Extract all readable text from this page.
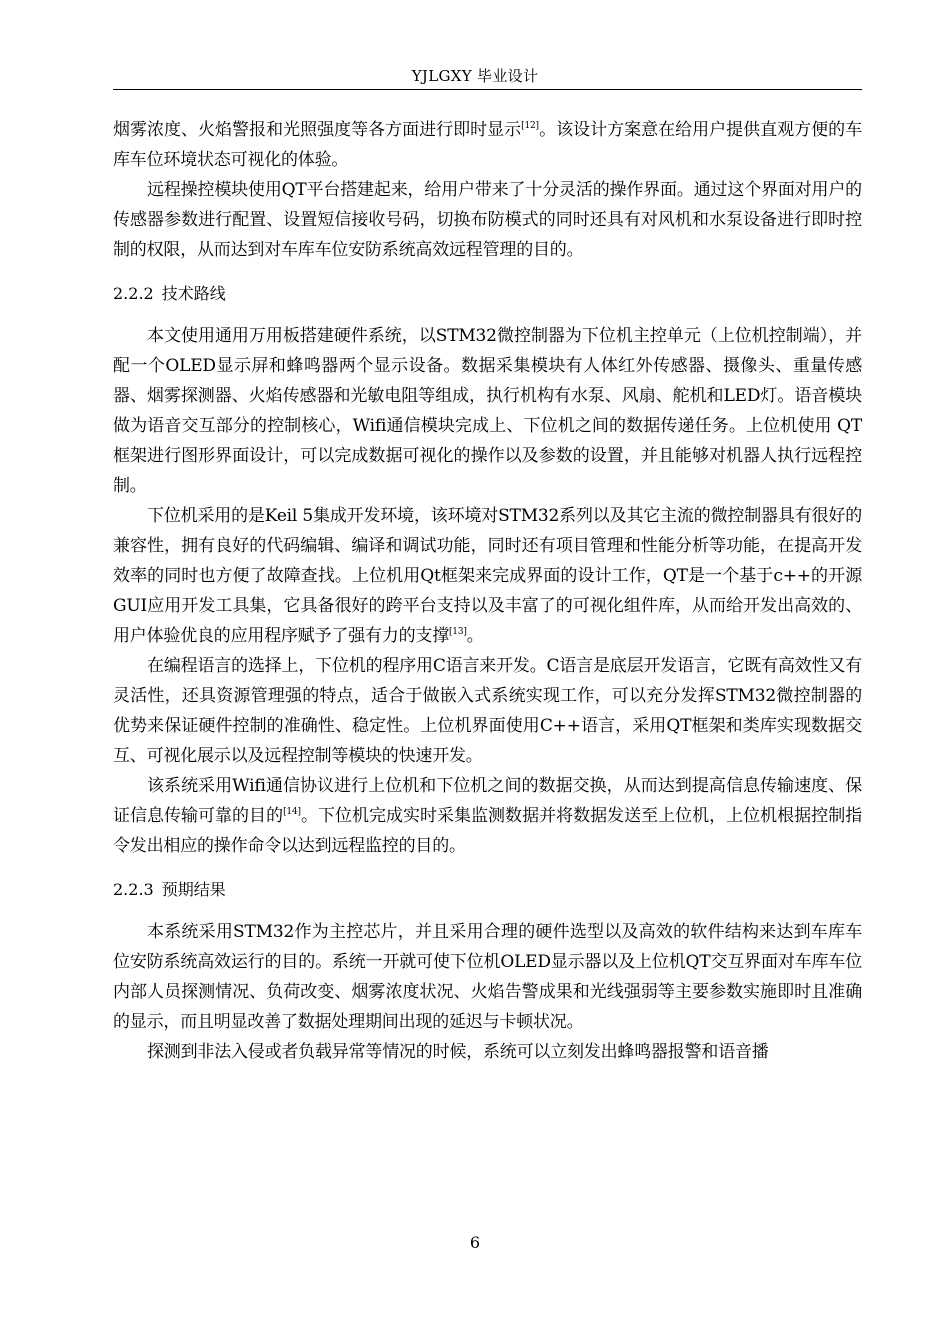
YJLGXY 毕业设计

烟雾浓度、火焰警报和光照强度等各方面进行即时显示[12]。该设计方案意在给用户提供直观方便的车库车位环境状态可视化的体验。

远程操控模块使用QT平台搭建起来，给用户带来了十分灵活的操作界面。通过这个界面对用户的传感器参数进行配置、设置短信接收号码，切换布防模式的同时还具有对风机和水泵设备进行即时控制的权限，从而达到对车库车位安防系统高效远程管理的目的。

2.2.2 技术路线

本文使用通用万用板搭建硬件系统，以STM32微控制器为下位机主控单元（上位机控制端），并配一个OLED显示屏和蜂鸣器两个显示设备。数据采集模块有人体红外传感器、摄像头、重量传感器、烟雾探测器、火焰传感器和光敏电阻等组成，执行机构有水泵、风扇、舵机和LED灯。语音模块做为语音交互部分的控制核心，Wifi通信模块完成上、下位机之间的数据传递任务。上位机使用 QT 框架进行图形界面设计，可以完成数据可视化的操作以及参数的设置，并且能够对机器人执行远程控制。

下位机采用的是Keil 5集成开发环境，该环境对STM32系列以及其它主流的微控制器具有很好的兼容性，拥有良好的代码编辑、编译和调试功能，同时还有项目管理和性能分析等功能，在提高开发效率的同时也方便了故障查找。上位机用Qt框架来完成界面的设计工作，QT是一个基于c++的开源GUI应用开发工具集，它具备很好的跨平台支持以及丰富了的可视化组件库，从而给开发出高效的、用户体验优良的应用程序赋予了强有力的支撑[13]。

在编程语言的选择上，下位机的程序用C语言来开发。C语言是底层开发语言，它既有高效性又有灵活性，还具资源管理强的特点，适合于做嵌入式系统实现工作，可以充分发挥STM32微控制器的优势来保证硬件控制的准确性、稳定性。上位机界面使用C++语言，采用QT框架和类库实现数据交互、可视化展示以及远程控制等模块的快速开发。

该系统采用Wifi通信协议进行上位机和下位机之间的数据交换，从而达到提高信息传输速度、保证信息传输可靠的目的[14]。下位机完成实时采集监测数据并将数据发送至上位机，上位机根据控制指令发出相应的操作命令以达到远程监控的目的。

2.2.3 预期结果

本系统采用STM32作为主控芯片，并且采用合理的硬件选型以及高效的软件结构来达到车库车位安防系统高效运行的目的。系统一开就可使下位机OLED显示器以及上位机QT交互界面对车库车位内部人员探测情况、负荷改变、烟雾浓度状况、火焰告警成果和光线强弱等主要参数实施即时且准确的显示，而且明显改善了数据处理期间出现的延迟与卡顿状况。

探测到非法入侵或者负载异常等情况的时候，系统可以立刻发出蜂鸣器报警和语音播

6
